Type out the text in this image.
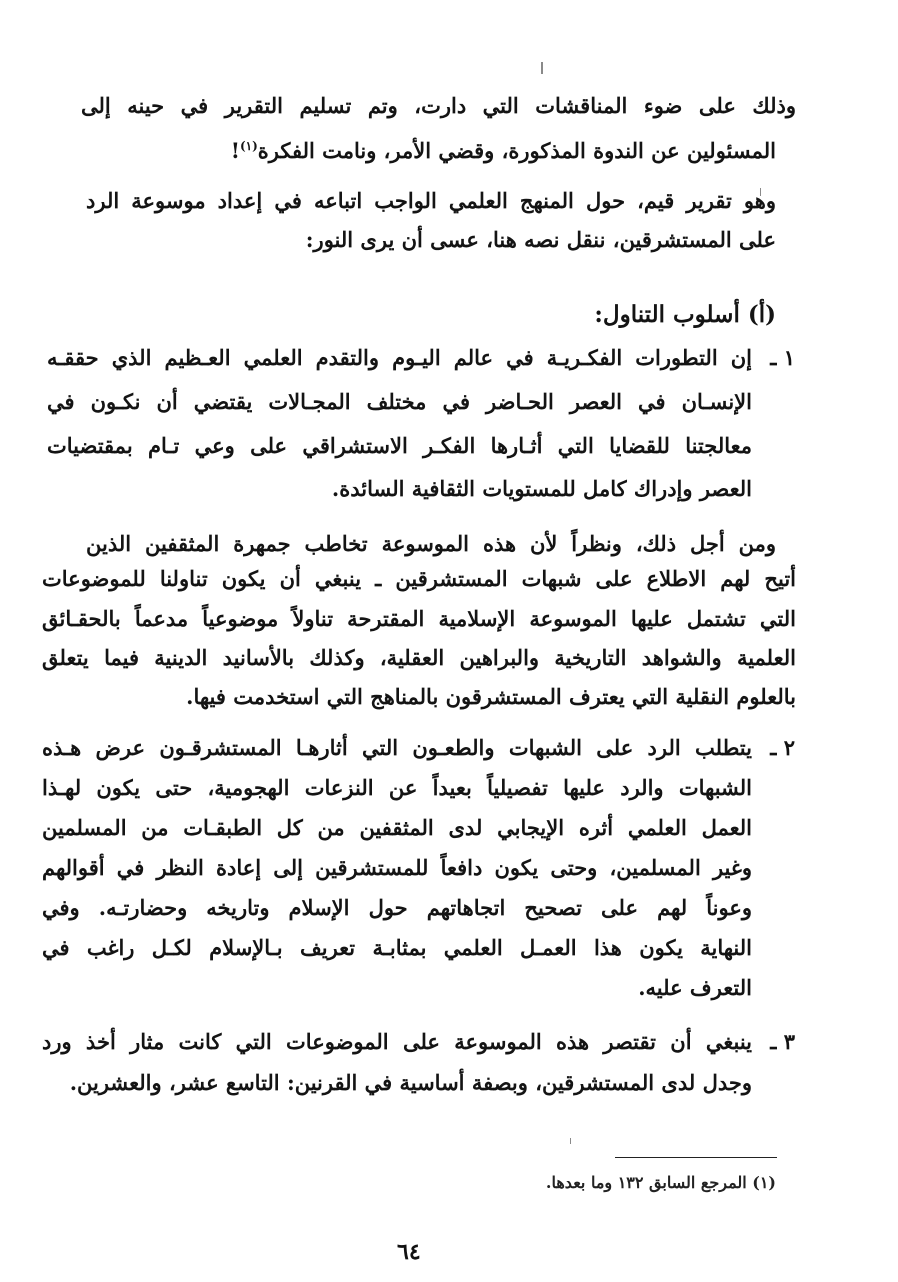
وذلك على ضوء المناقشات التي دارت، وتم تسليم التقرير في حينه إلى
المسئولين عن الندوة المذكورة، وقضي الأمر، ونامت الفكرة$^{(١)}$!
وهو تقرير قيم، حول المنهج العلمي الواجب اتباعه في إعداد موسوعة الرد
على المستشرقين، ننقل نصه هنا، عسى أن يرى النور:
(أ) أسلوب التناول:
١ ـ
إن التطورات الفكـريـة في عالم اليـوم والتقدم العلمي العـظيم الذي حققـه
الإنسـان في العصر الحـاضر في مختلف المجـالات يقتضي أن نكـون في
معالجتنا للقضايا التي أثـارها الفكـر الاستشراقي على وعي تـام بمقتضيات
العصر وإدراك كامل للمستويات الثقافية السائدة.
ومن أجل ذلك، ونظراً لأن هذه الموسوعة تخاطب جمهرة المثقفين الذين
أتيح لهم الاطلاع على شبهات المستشرقين ـ ينبغي أن يكون تناولنا للموضوعات
التي تشتمل عليها الموسوعة الإسلامية المقترحة تناولاً موضوعياً مدعماً بالحقـائق
العلمية والشواهد التاريخية والبراهين العقلية، وكذلك بالأسانيد الدينية فيما يتعلق
بالعلوم النقلية التي يعترف المستشرقون بالمناهج التي استخدمت فيها.
٢ ـ
يتطلب الرد على الشبهات والطعـون التي أثارهـا المستشرقـون عرض هـذه
الشبهات والرد عليها تفصيلياً بعيداً عن النزعات الهجومية، حتى يكون لهـذا
العمل العلمي أثره الإيجابي لدى المثقفين من كل الطبقـات من المسلمين
وغير المسلمين، وحتى يكون دافعاً للمستشرقين إلى إعادة النظر في أقوالهم
وعوناً لهم على تصحيح اتجاهاتهم حول الإسلام وتاريخه وحضارتـه. وفي
النهاية يكون هذا العمـل العلمي بمثابـة تعريف بـالإسلام لكـل راغب في
التعرف عليه.
٣ ـ
ينبغي أن تقتصر هذه الموسوعة على الموضوعات التي كانت مثار أخذ ورد
وجدل لدى المستشرقين، وبصفة أساسية في القرنين: التاسع عشر، والعشرين.
(١) المرجع السابق ١٣٢ وما بعدها.
٦٤
